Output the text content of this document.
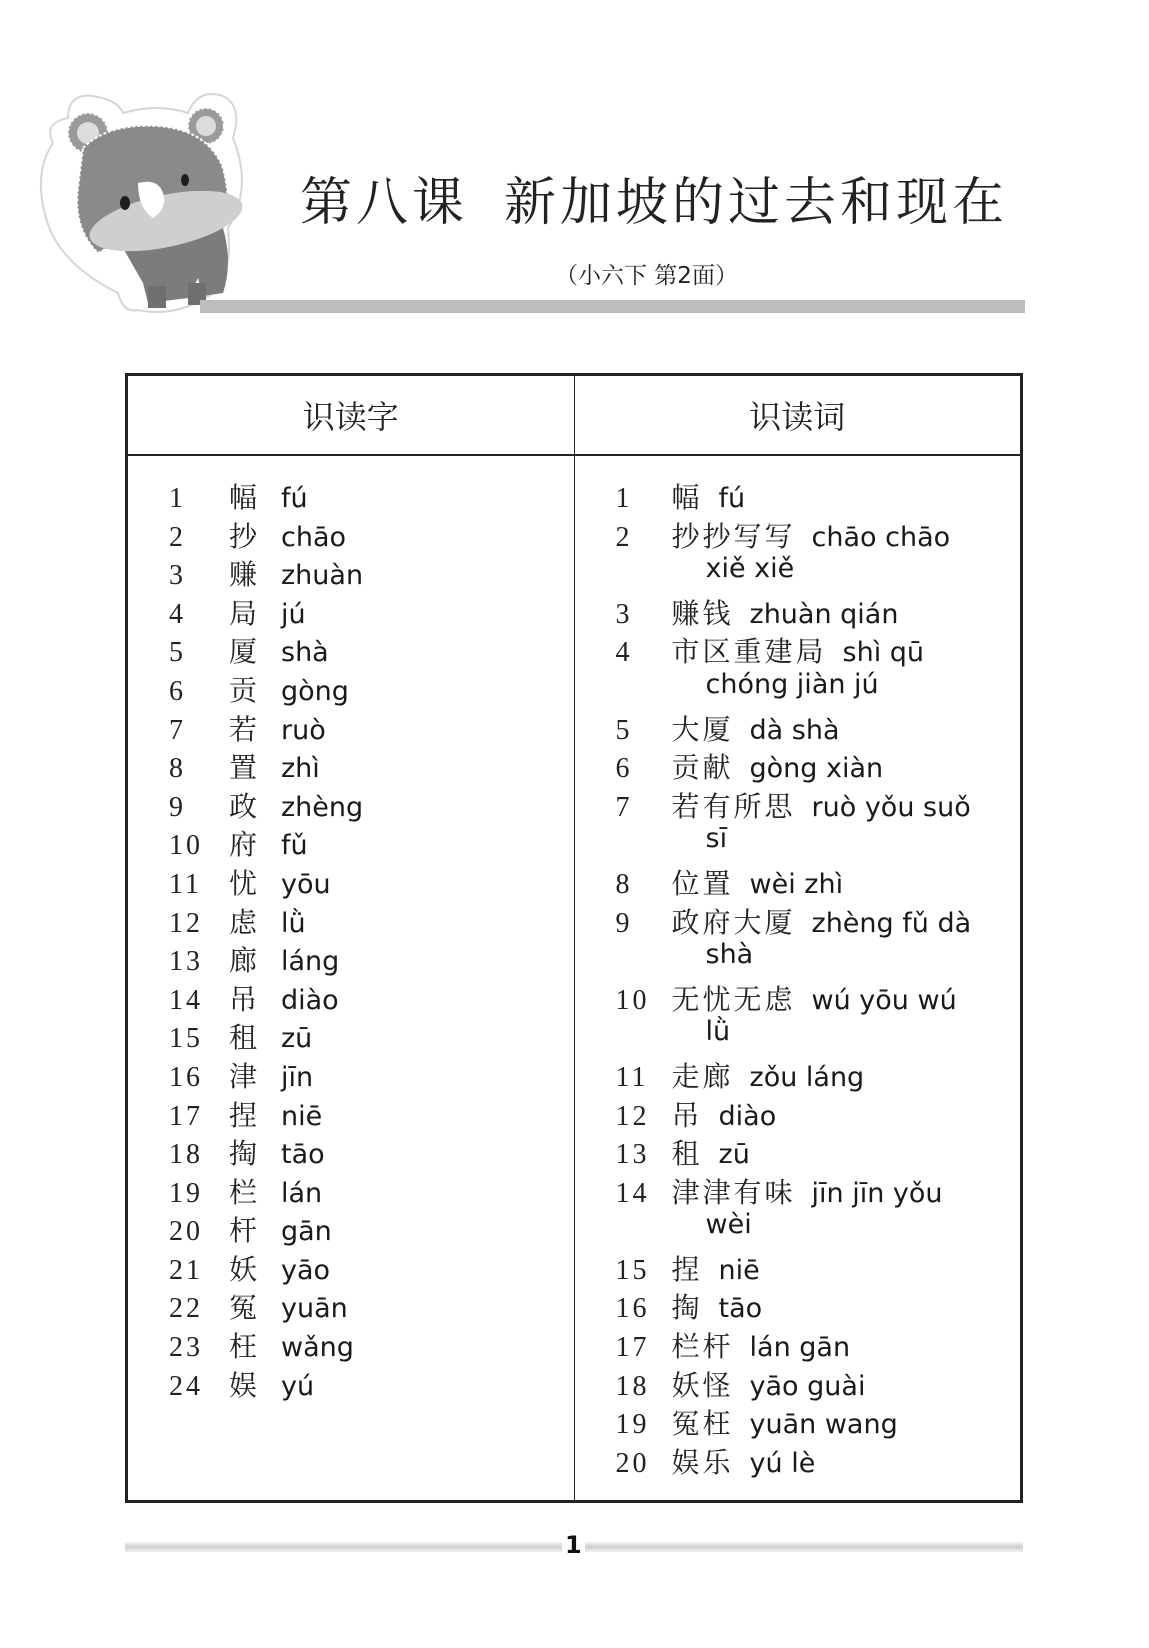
第八课 新加坡的过去和现在
（小六下 第2面）
识读字	识读词

1	幅 fú
2	抄 chāo
3	赚 zhuàn
4	局 jú
5	厦 shà
6	贡 gòng
7	若 ruò
8	置 zhì
9	政 zhèng
10 府 fǔ
11 忧 yōu
12 虑 lǜ
13 廊 láng
14 吊 diào
15 租 zū
16 津 jīn
17 捏 niē
18 掏 tāo
19 栏 lán
20 杆 gān
21 妖 yāo
22 冤 yuān
23 枉 wǎng
24 娱 yú

1	幅 fú
2	抄抄写写 chāo chāo
xiě xiě
3	赚钱 zhuàn qián
4	市区重建局 shì qū
chóng jiàn jú
5	大厦 dà shà
6	贡献 gòng xiàn
7	若有所思 ruò yǒu suǒ
sī
8	位置 wèi zhì
9	政府大厦 zhèng fǔ dà
shà
10 无忧无虑 wú yōu wú
lǜ
11 走廊 zǒu láng
12 吊 diào
13 租 zū
14 津津有味 jīn jīn yǒu
wèi
15 捏 niē
16 掏 tāo
17 栏杆 lán gān
18 妖怪 yāo guài
19 冤枉 yuān wang
20 娱乐 yú lè
1
